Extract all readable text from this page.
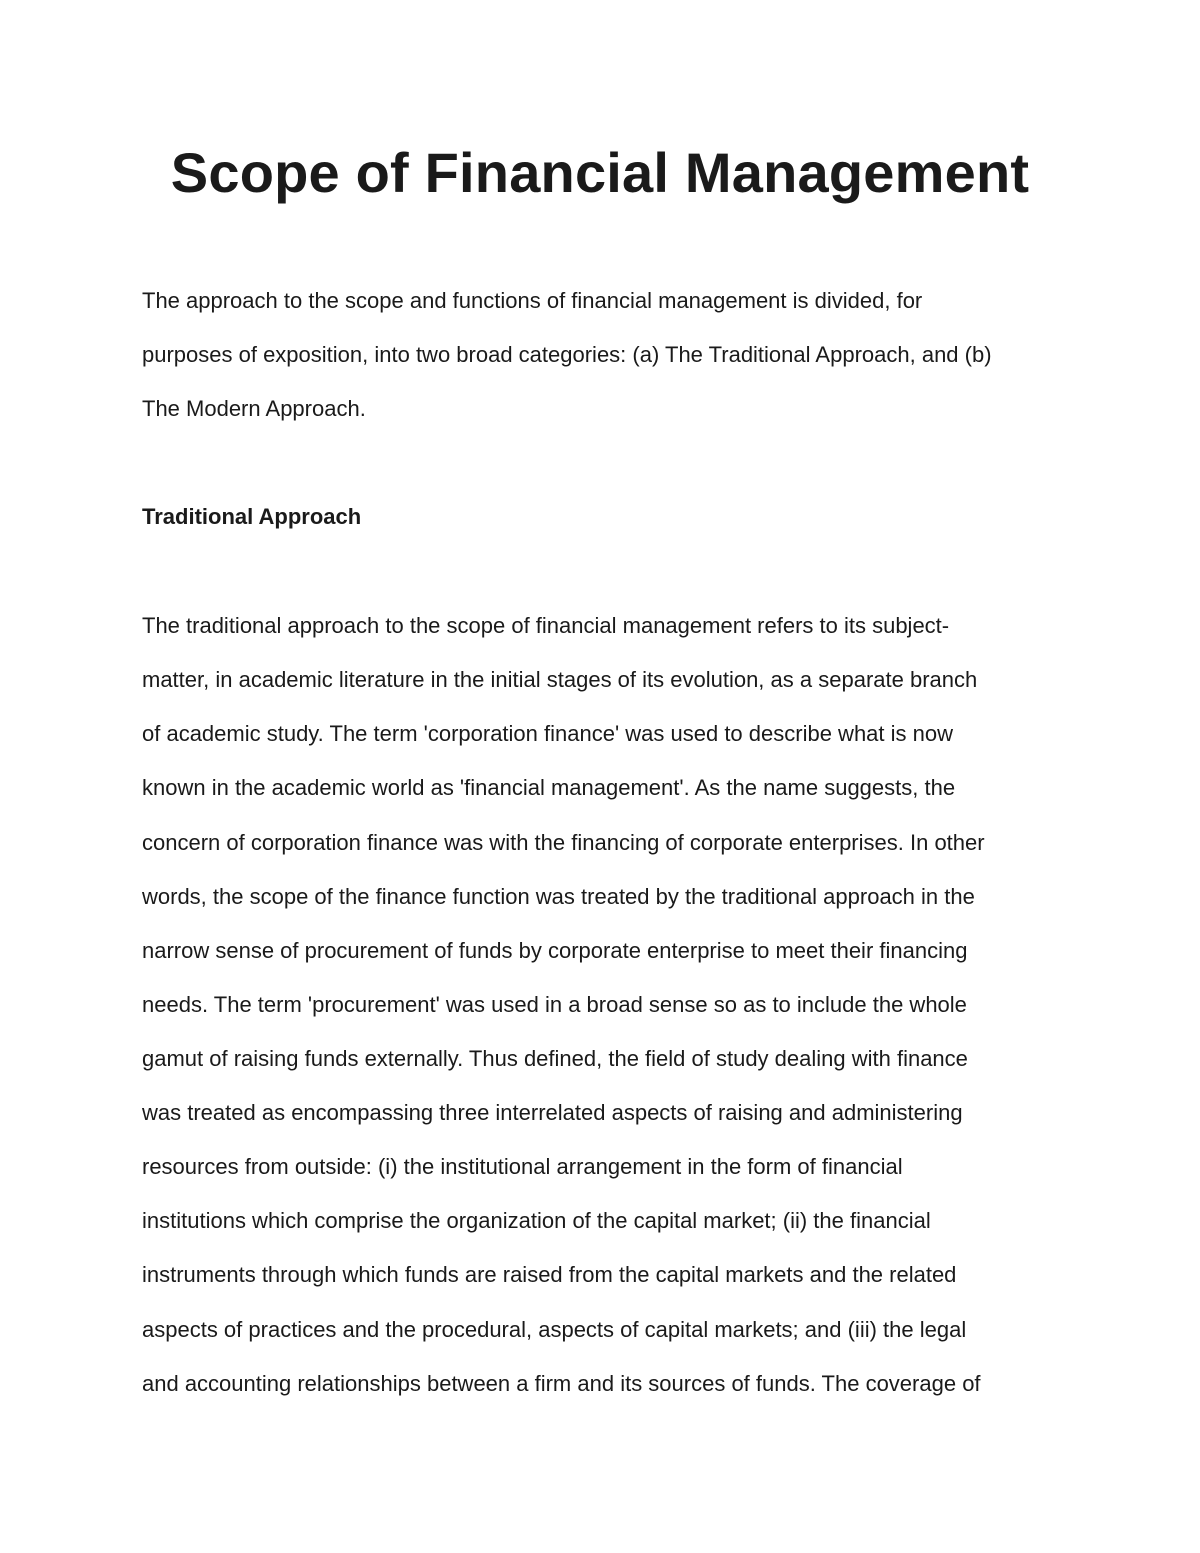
Scope of Financial Management

The approach to the scope and functions of financial management is divided, for

purposes of exposition, into two broad categories: (a) The Traditional Approach, and (b)

The Modern Approach.

Traditional Approach

The traditional approach to the scope of financial management refers to its subject-

matter, in academic literature in the initial stages of its evolution, as a separate branch

of academic study. The term 'corporation finance' was used to describe what is now

known in the academic world as 'financial management'. As the name suggests, the

concern of corporation finance was with the financing of corporate enterprises. In other

words, the scope of the finance function was treated by the traditional approach in the

narrow sense of procurement of funds by corporate enterprise to meet their financing

needs. The term 'procurement' was used in a broad sense so as to include the whole

gamut of raising funds externally. Thus defined, the field of study dealing with finance

was treated as encompassing three interrelated aspects of raising and administering

resources from outside: (i) the institutional arrangement in the form of financial

institutions which comprise the organization of the capital market; (ii) the financial

instruments through which funds are raised from the capital markets and the related

aspects of practices and the procedural, aspects of capital markets; and (iii) the legal

and accounting relationships between a firm and its sources of funds. The coverage of
